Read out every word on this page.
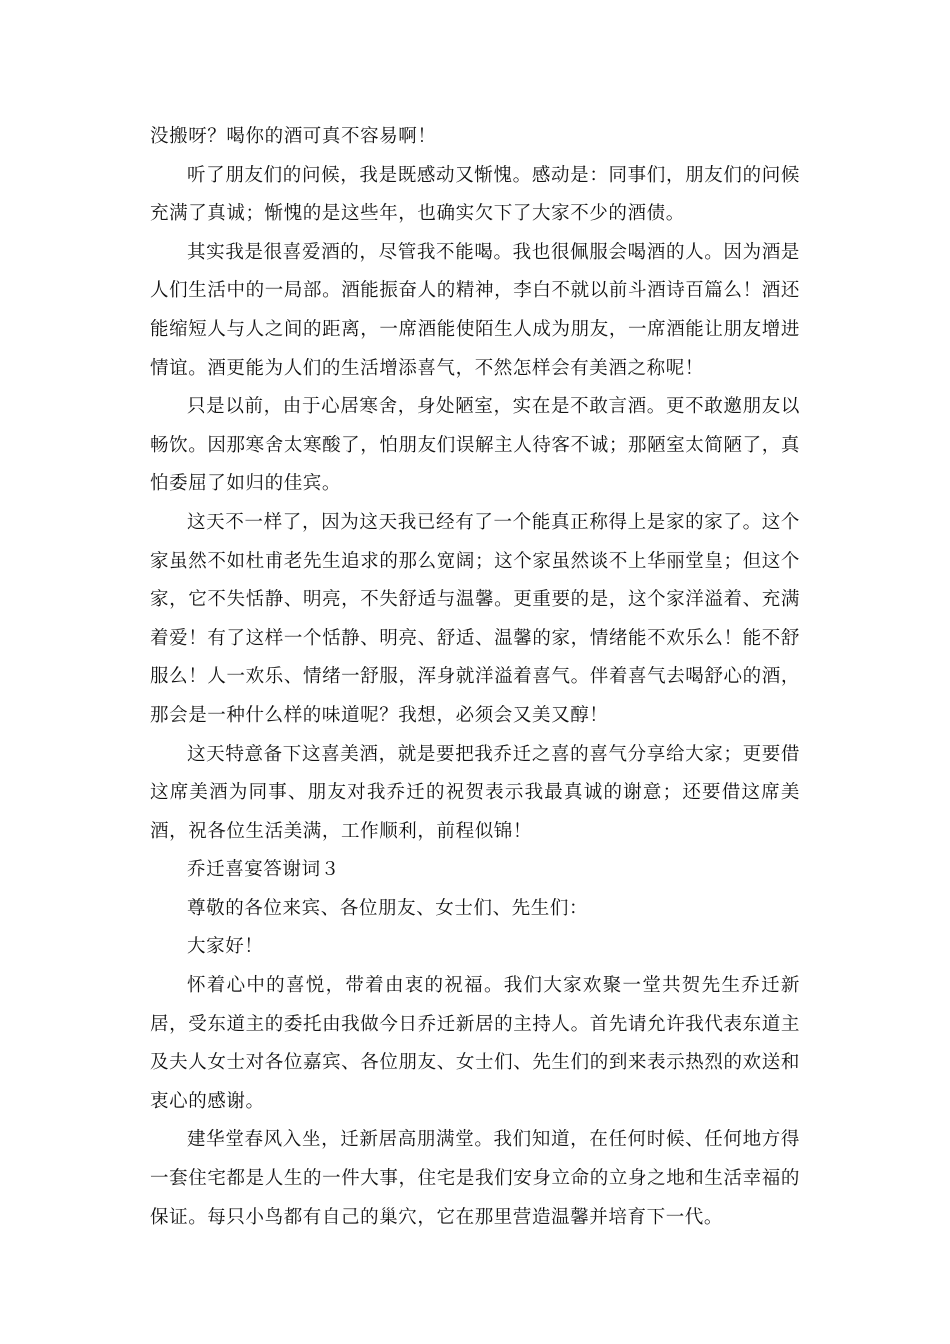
没搬呀？喝你的酒可真不容易啊！

听了朋友们的问候，我是既感动又惭愧。感动是：同事们，朋友们的问候充满了真诚；惭愧的是这些年，也确实欠下了大家不少的酒债。

其实我是很喜爱酒的，尽管我不能喝。我也很佩服会喝酒的人。因为酒是人们生活中的一局部。酒能振奋人的精神，李白不就以前斗酒诗百篇么！酒还能缩短人与人之间的距离，一席酒能使陌生人成为朋友，一席酒能让朋友增进情谊。酒更能为人们的生活增添喜气，不然怎样会有美酒之称呢！

只是以前，由于心居寒舍，身处陋室，实在是不敢言酒。更不敢邀朋友以畅饮。因那寒舍太寒酸了，怕朋友们误解主人待客不诚；那陋室太简陋了，真怕委屈了如归的佳宾。

这天不一样了，因为这天我已经有了一个能真正称得上是家的家了。这个家虽然不如杜甫老先生追求的那么宽阔；这个家虽然谈不上华丽堂皇；但这个家，它不失恬静、明亮，不失舒适与温馨。更重要的是，这个家洋溢着、充满着爱！有了这样一个恬静、明亮、舒适、温馨的家，情绪能不欢乐么！能不舒服么！人一欢乐、情绪一舒服，浑身就洋溢着喜气。伴着喜气去喝舒心的酒，那会是一种什么样的味道呢？我想，必须会又美又醇！

这天特意备下这喜美酒，就是要把我乔迁之喜的喜气分享给大家；更要借这席美酒为同事、朋友对我乔迁的祝贺表示我最真诚的谢意；还要借这席美酒，祝各位生活美满，工作顺利，前程似锦！

乔迁喜宴答谢词３

尊敬的各位来宾、各位朋友、女士们、先生们：

大家好！

怀着心中的喜悦，带着由衷的祝福。我们大家欢聚一堂共贺先生乔迁新居，受东道主的委托由我做今日乔迁新居的主持人。首先请允许我代表东道主及夫人女士对各位嘉宾、各位朋友、女士们、先生们的到来表示热烈的欢送和衷心的感谢。

建华堂春风入坐，迁新居高朋满堂。我们知道，在任何时候、任何地方得一套住宅都是人生的一件大事，住宅是我们安身立命的立身之地和生活幸福的保证。每只小鸟都有自己的巢穴，它在那里营造温馨并培育下一代。
